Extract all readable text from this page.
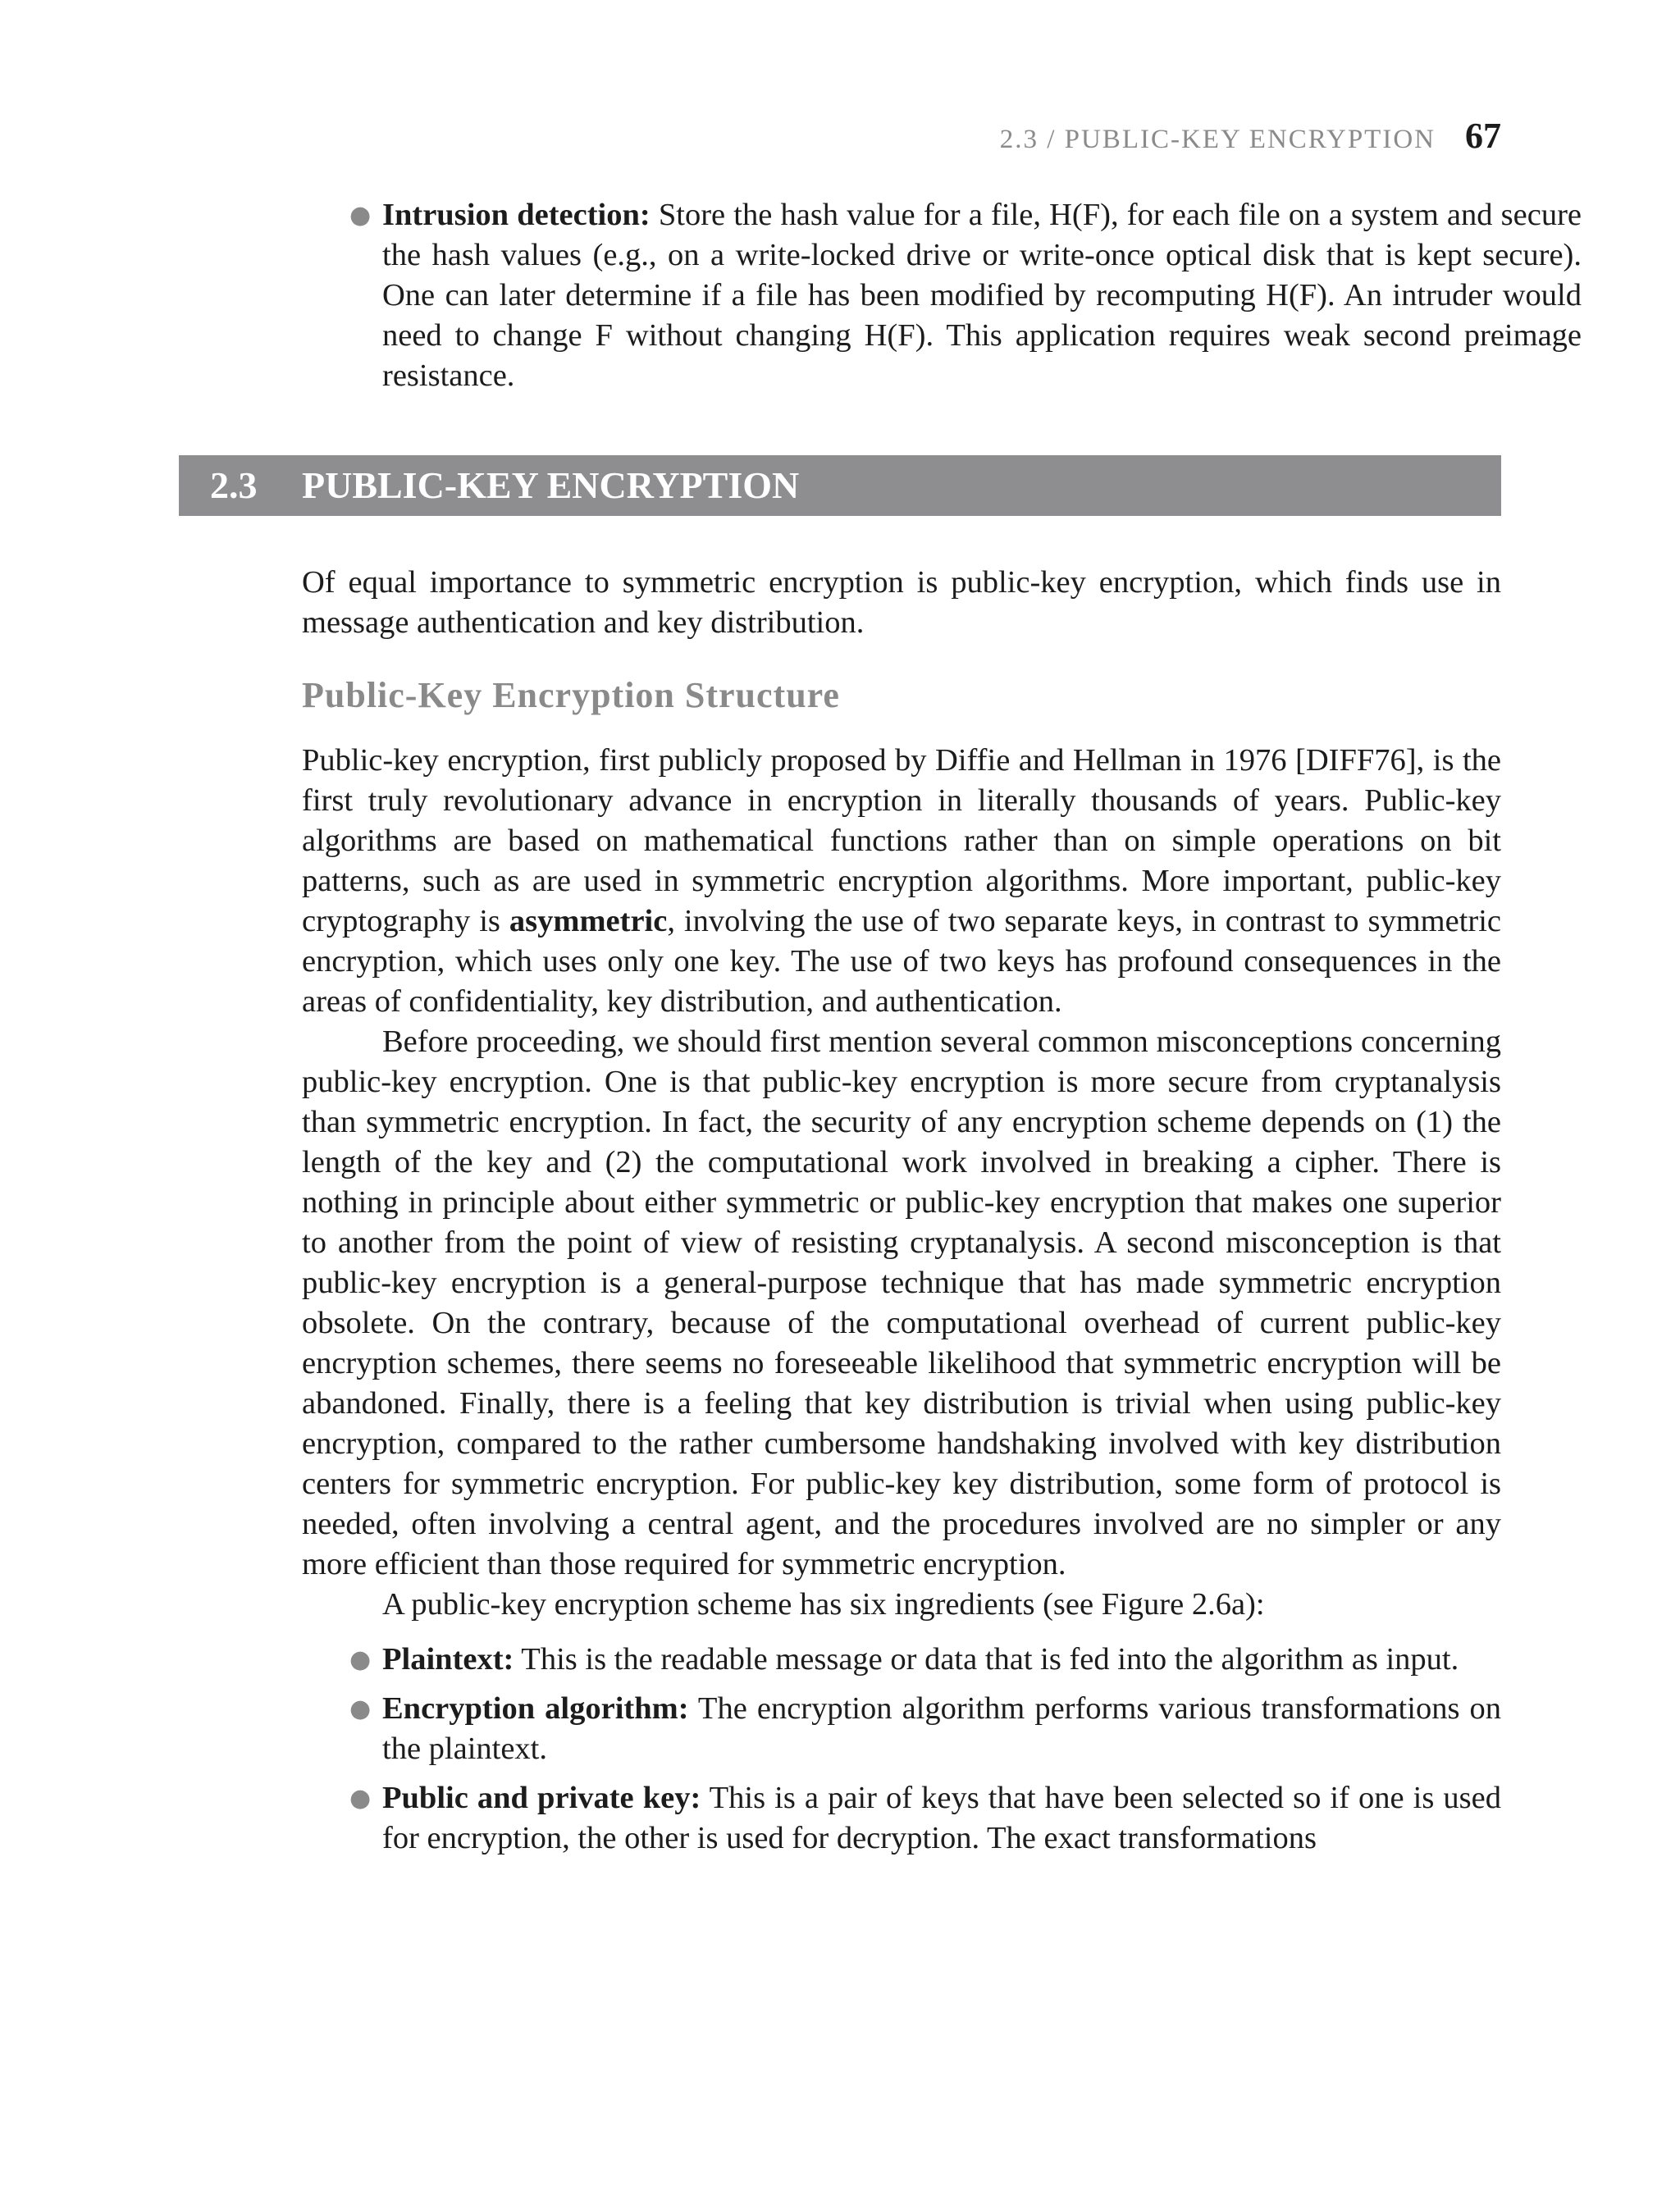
2.3 / PUBLIC-KEY ENCRYPTION 67
● Intrusion detection: Store the hash value for a file, H(F), for each file on a system and secure the hash values (e.g., on a write-locked drive or write-once optical disk that is kept secure). One can later determine if a file has been modified by recomputing H(F). An intruder would need to change F without changing H(F). This application requires weak second preimage resistance.
2.3 PUBLIC-KEY ENCRYPTION
Of equal importance to symmetric encryption is public-key encryption, which finds use in message authentication and key distribution.
Public-Key Encryption Structure

Public-key encryption, first publicly proposed by Diffie and Hellman in 1976 [DIFF76], is the first truly revolutionary advance in encryption in literally thousands of years. Public-key algorithms are based on mathematical functions rather than on simple operations on bit patterns, such as are used in symmetric encryption algorithms. More important, public-key cryptography is asymmetric, involving the use of two separate keys, in contrast to symmetric encryption, which uses only one key. The use of two keys has profound consequences in the areas of confidentiality, key distribution, and authentication.

Before proceeding, we should first mention several common misconceptions concerning public-key encryption. One is that public-key encryption is more secure from cryptanalysis than symmetric encryption. In fact, the security of any encryption scheme depends on (1) the length of the key and (2) the computational work involved in breaking a cipher. There is nothing in principle about either symmetric or public-key encryption that makes one superior to another from the point of view of resisting cryptanalysis. A second misconception is that public-key encryption is a general-purpose technique that has made symmetric encryption obsolete. On the contrary, because of the computational overhead of current public-key encryption schemes, there seems no foreseeable likelihood that symmetric encryption will be abandoned. Finally, there is a feeling that key distribution is trivial when using public-key encryption, compared to the rather cumbersome handshaking involved with key distribution centers for symmetric encryption. For public-key key distribution, some form of protocol is needed, often involving a central agent, and the procedures involved are no simpler or any more efficient than those required for symmetric encryption.

A public-key encryption scheme has six ingredients (see Figure 2.6a):

● Plaintext: This is the readable message or data that is fed into the algorithm as input.
● Encryption algorithm: The encryption algorithm performs various transformations on the plaintext.
● Public and private key: This is a pair of keys that have been selected so if one is used for encryption, the other is used for decryption. The exact transformations
